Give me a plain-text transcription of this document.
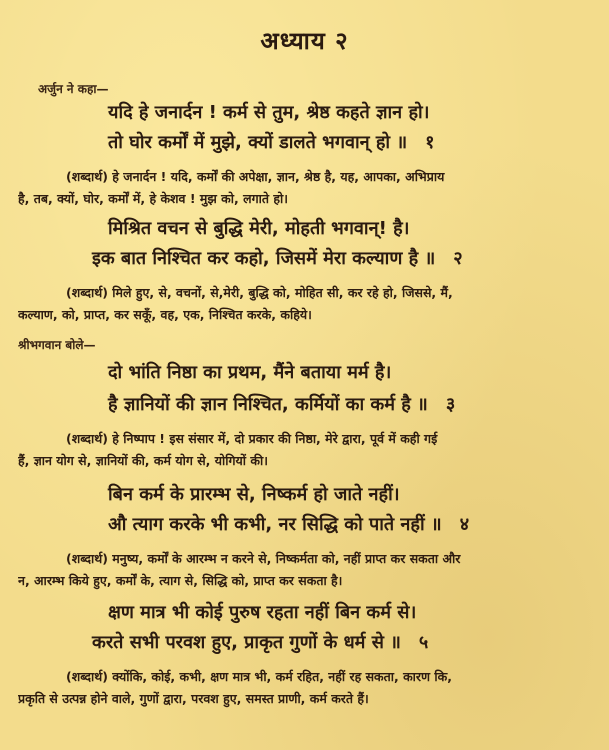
अध्याय २
अर्जुन ने कहा—
यदि हे जनार्दन ! कर्म से तुम, श्रेष्ठ कहते ज्ञान हो।
तो घोर कर्मों में मुझे, क्यों डालते भगवान् हो ॥ १
(शब्दार्थ) हे जनार्दन ! यदि, कर्मों की अपेक्षा, ज्ञान, श्रेष्ठ है, यह, आपका, अभिप्राय
है, तब, क्यों, घोर, कर्मों में, हे केशव ! मुझ को, लगाते हो।
मिश्रित वचन से बुद्धि मेरी, मोहती भगवान्! है।
इक बात निश्चित कर कहो, जिसमें मेरा कल्याण है ॥ २
(शब्दार्थ) मिले हुए, से, वचनों, से,मेरी, बुद्धि को, मोहित सी, कर रहे हो, जिससे, मैं,
कल्याण, को, प्राप्त, कर सकूँ, वह, एक, निश्चित करके, कहिये।
श्रीभगवान बोले—
दो भांति निष्ठा का प्रथम, मैंने बताया मर्म है।
है ज्ञानियों की ज्ञान निश्चित, कर्मियों का कर्म है ॥ ३
(शब्दार्थ) हे निष्पाप ! इस संसार में, दो प्रकार की निष्ठा, मेरे द्वारा, पूर्व में कही गई
हैं, ज्ञान योग से, ज्ञानियों की, कर्म योग से, योगियों की।
बिन कर्म के प्रारम्भ से, निष्कर्म हो जाते नहीं।
औ त्याग करके भी कभी, नर सिद्धि को पाते नहीं ॥ ४
(शब्दार्थ) मनुष्य, कर्मों के आरम्भ न करने से, निष्कर्मता को, नहीं प्राप्त कर सकता और
न, आरम्भ किये हुए, कर्मों के, त्याग से, सिद्धि को, प्राप्त कर सकता है।
क्षण मात्र भी कोई पुरुष रहता नहीं बिन कर्म से।
करते सभी परवश हुए, प्राकृत गुणों के धर्म से ॥ ५
(शब्दार्थ) क्योंकि, कोई, कभी, क्षण मात्र भी, कर्म रहित, नहीं रह सकता, कारण कि,
प्रकृति से उत्पन्न होने वाले, गुणों द्वारा, परवश हुए, समस्त प्राणी, कर्म करते हैं।
